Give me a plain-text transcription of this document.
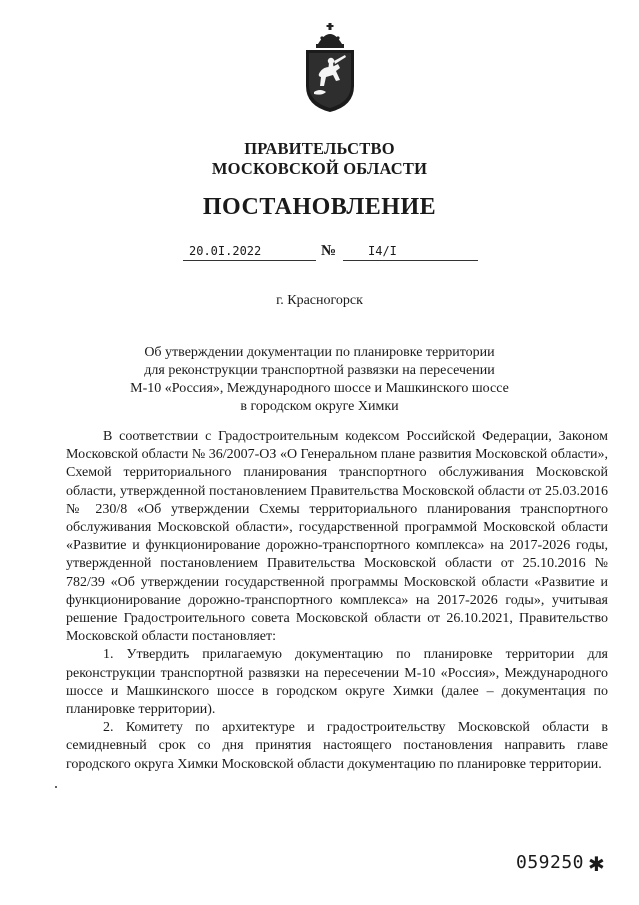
ПРАВИТЕЛЬСТВО
МОСКОВСКОЙ ОБЛАСТИ
ПОСТАНОВЛЕНИЕ
20.0I.2022	№	I4/I
г. Красногорск
Об утверждении документации по планировке территории
для реконструкции транспортной развязки на пересечении
М-10 «Россия», Международного шоссе и Машкинского шоссе
в городском округе Химки

В соответствии с Градостроительным кодексом Российской Федерации, Законом Московской области № 36/2007-ОЗ «О Генеральном плане развития Московской области», Схемой территориального планирования транспортного обслуживания Московской области, утвержденной постановлением Правительства Московской области от 25.03.2016 № 230/8 «Об утверждении Схемы территориального планирования транспортного обслуживания Московской области», государственной программой Московской области «Развитие и функционирование дорожно-транспортного комплекса» на 2017-2026 годы, утвержденной постановлением Правительства Московской области от 25.10.2016 № 782/39 «Об утверждении государственной программы Московской области «Развитие и функционирование дорожно-транспортного комплекса» на 2017-2026 годы», учитывая решение Градостроительного совета Московской области от 26.10.2021, Правительство Московской области постановляет:

1. Утвердить прилагаемую документацию по планировке территории для реконструкции транспортной развязки на пересечении М-10 «Россия», Международного шоссе и Машкинского шоссе в городском округе Химки (далее – документация по планировке территории).

2. Комитету по архитектуре и градостроительству Московской области в семидневный срок со дня принятия настоящего постановления направить главе городского округа Химки Московской области документацию по планировке территории.

059250 ✱
